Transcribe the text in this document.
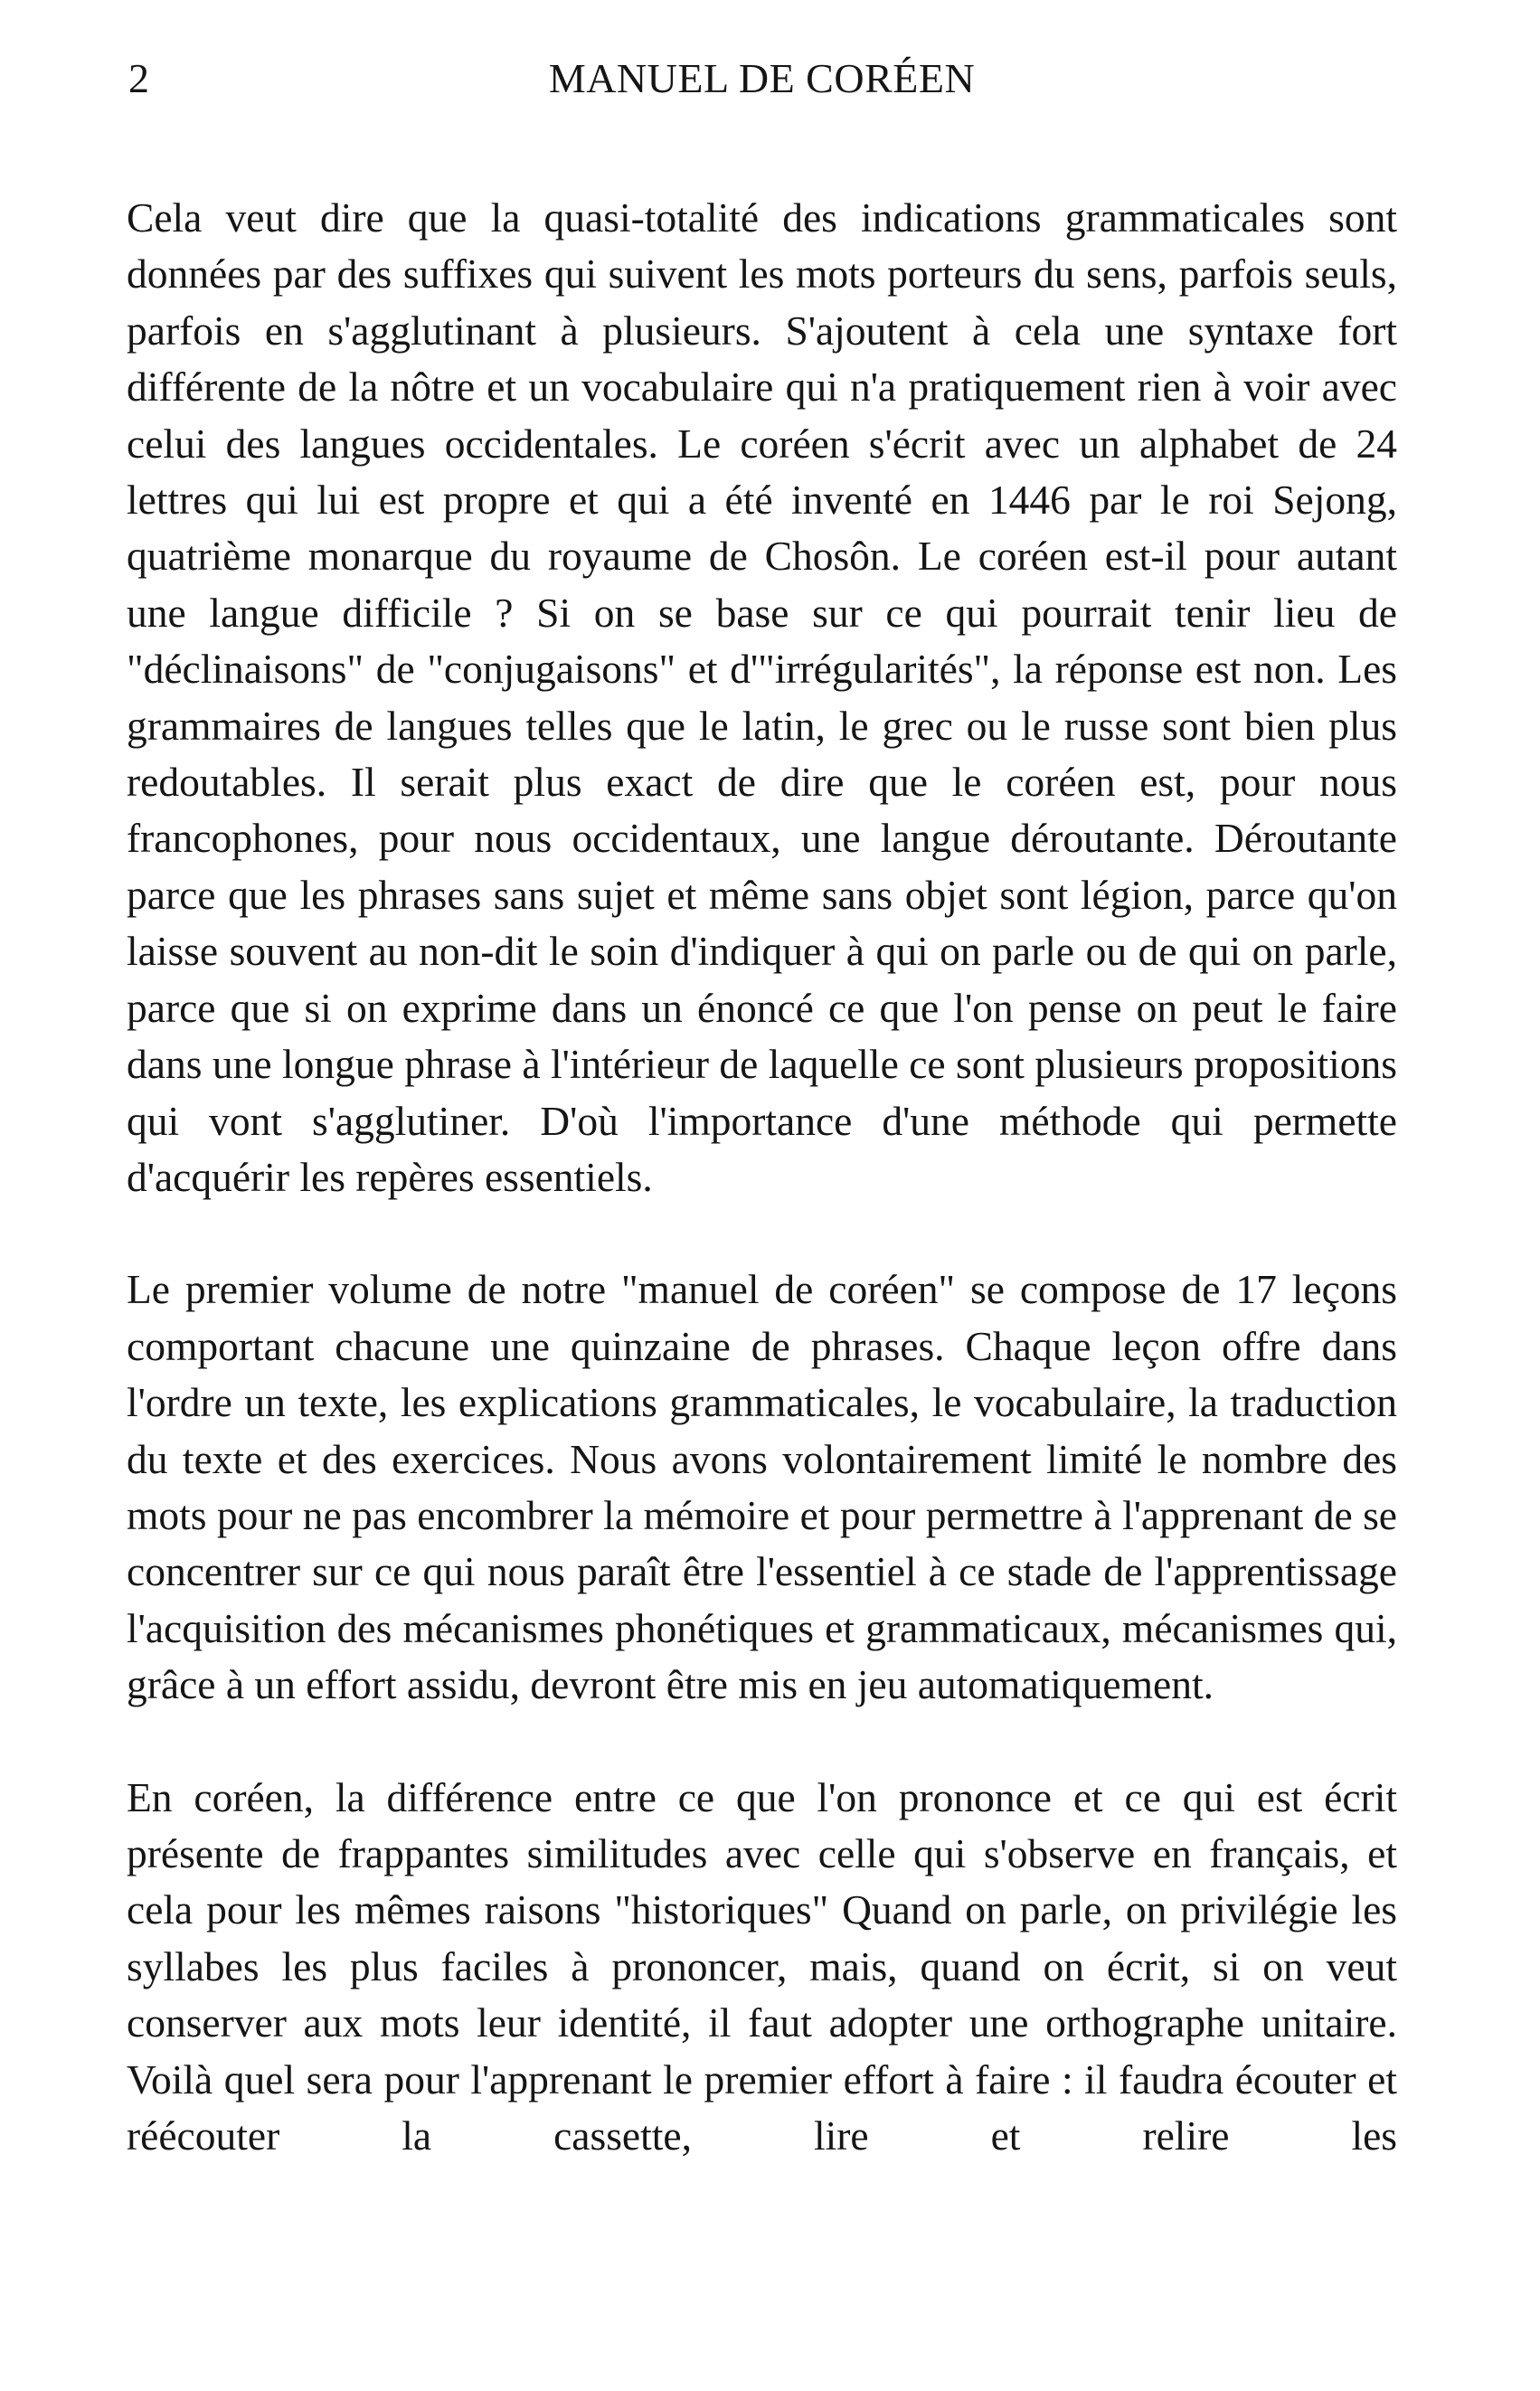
2	MANUEL DE CORÉEN

Cela veut dire que la quasi-totalité des indications grammaticales sont données par des suffixes qui suivent les mots porteurs du sens, parfois seuls, parfois en s'agglutinant à plusieurs. S'ajoutent à cela une syntaxe fort différente de la nôtre et un vocabulaire qui n'a pratiquement rien à voir avec celui des langues occidentales. Le coréen s'écrit avec un alphabet de 24 lettres qui lui est propre et qui a été inventé en 1446 par le roi Sejong, quatrième monarque du royaume de Chosôn. Le coréen est-il pour autant une langue difficile ? Si on se base sur ce qui pourrait tenir lieu de "déclinaisons" de "conjugaisons" et d'"irrégularités", la réponse est non. Les grammaires de langues telles que le latin, le grec ou le russe sont bien plus redoutables. Il serait plus exact de dire que le coréen est, pour nous francophones, pour nous occidentaux, une langue déroutante. Déroutante parce que les phrases sans sujet et même sans objet sont légion, parce qu'on laisse souvent au non-dit le soin d'indiquer à qui on parle ou de qui on parle, parce que si on exprime dans un énoncé ce que l'on pense on peut le faire dans une longue phrase à l'intérieur de laquelle ce sont plusieurs propositions qui vont s'agglutiner. D'où l'importance d'une méthode qui permette d'acquérir les repères essentiels.

Le premier volume de notre "manuel de coréen" se compose de 17 leçons comportant chacune une quinzaine de phrases. Chaque leçon offre dans l'ordre un texte, les explications grammaticales, le vocabulaire, la traduction du texte et des exercices. Nous avons volontairement limité le nombre des mots pour ne pas encombrer la mémoire et pour permettre à l'apprenant de se concentrer sur ce qui nous paraît être l'essentiel à ce stade de l'apprentissage l'acquisition des mécanismes phonétiques et grammaticaux, mécanismes qui, grâce à un effort assidu, devront être mis en jeu automatiquement.

En coréen, la différence entre ce que l'on prononce et ce qui est écrit présente de frappantes similitudes avec celle qui s'observe en français, et cela pour les mêmes raisons "historiques" Quand on parle, on privilégie les syllabes les plus faciles à prononcer, mais, quand on écrit, si on veut conserver aux mots leur identité, il faut adopter une orthographe unitaire. Voilà quel sera pour l'apprenant le premier effort à faire : il faudra écouter et réécouter la cassette, lire et relire les
